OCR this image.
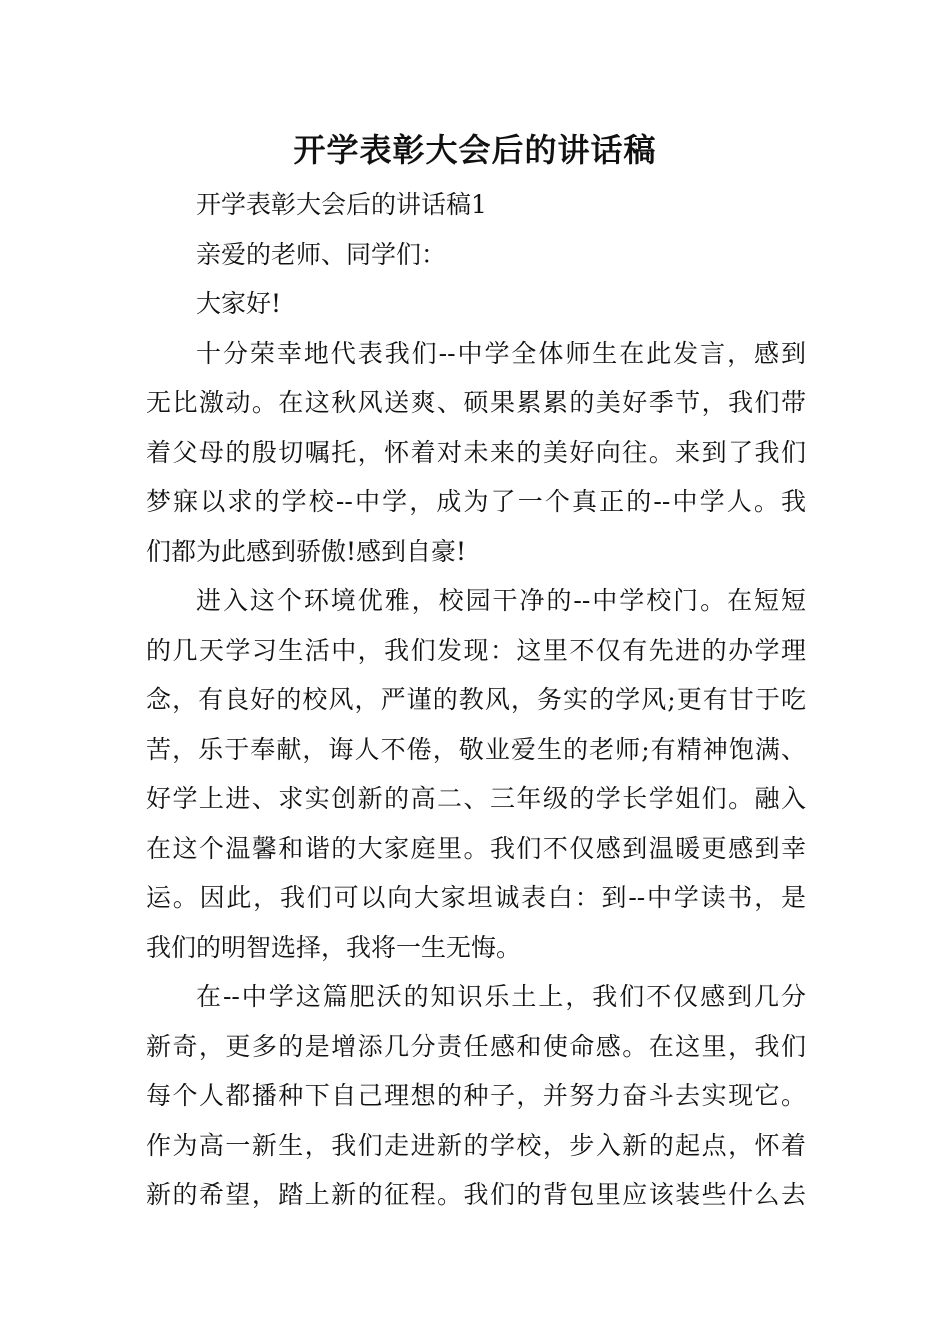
开学表彰大会后的讲话稿

开学表彰大会后的讲话稿1

亲爱的老师、同学们：

大家好!

十分荣幸地代表我们--中学全体师生在此发言，感到

无比激动。在这秋风送爽、硕果累累的美好季节，我们带

着父母的殷切嘱托，怀着对未来的美好向往。来到了我们

梦寐以求的学校--中学，成为了一个真正的--中学人。我

们都为此感到骄傲!感到自豪!

进入这个环境优雅，校园干净的--中学校门。在短短

的几天学习生活中，我们发现：这里不仅有先进的办学理

念，有良好的校风，严谨的教风，务实的学风;更有甘于吃

苦，乐于奉献，诲人不倦，敬业爱生的老师;有精神饱满、

好学上进、求实创新的高二、三年级的学长学姐们。融入

在这个温馨和谐的大家庭里。我们不仅感到温暖更感到幸

运。因此，我们可以向大家坦诚表白：到--中学读书，是

我们的明智选择，我将一生无悔。

在--中学这篇肥沃的知识乐土上，我们不仅感到几分

新奇，更多的是增添几分责任感和使命感。在这里，我们

每个人都播种下自己理想的种子，并努力奋斗去实现它。

作为高一新生，我们走进新的学校，步入新的起点，怀着

新的希望，踏上新的征程。我们的背包里应该装些什么去
